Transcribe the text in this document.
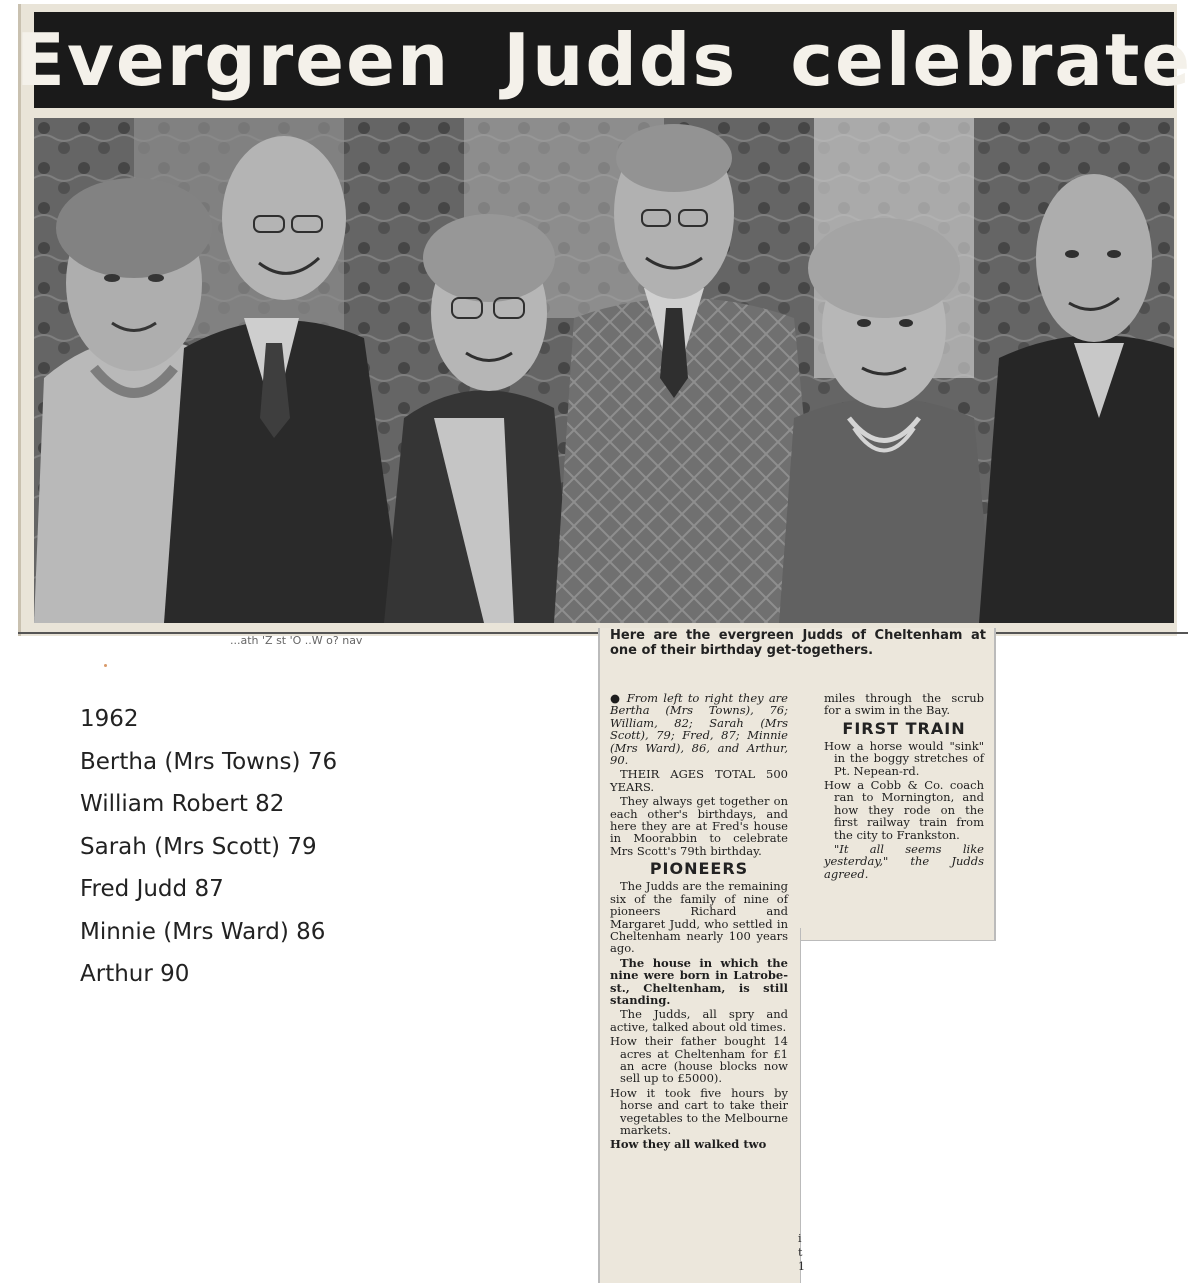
Evergreen Judds celebrate
...ath 'Z st 'O ..W o? nav	Here are the evergreen Judds of Cheltenham at one of their birthday get-togethers.

● From left to right they are Bertha (Mrs Towns), 76; William, 82; Sarah (Mrs Scott), 79; Fred, 87; Minnie (Mrs Ward), 86, and Arthur, 90.

THEIR AGES TOTAL 500 YEARS.

They always get together on each other's birthdays, and here they are at Fred's house in Moorabbin to celebrate Mrs Scott's 79th birthday.

PIONEERS

The Judds are the remaining six of the family of nine of pioneers Richard and Margaret Judd, who settled in Cheltenham nearly 100 years ago.

The house in which the nine were born in Latrobe-st., Cheltenham, is still standing.

The Judds, all spry and active, talked about old times.

How their father bought 14 acres at Cheltenham for £1 an acre (house blocks now sell up to £5000).

How it took five hours by horse and cart to take their vegetables to the Melbourne markets.

How they all walked two

miles through the scrub for a swim in the Bay.

FIRST TRAIN

How a horse would "sink" in the boggy stretches of Pt. Nepean-rd.

How a Cobb & Co. coach ran to Mornington, and how they rode on the first railway train from the city to Frankston.

"It all seems like yesterday," the Judds agreed.

i
t
1
1962
Bertha (Mrs Towns) 76
William Robert 82
Sarah (Mrs Scott) 79
Fred Judd 87
Minnie (Mrs Ward) 86
Arthur 90
